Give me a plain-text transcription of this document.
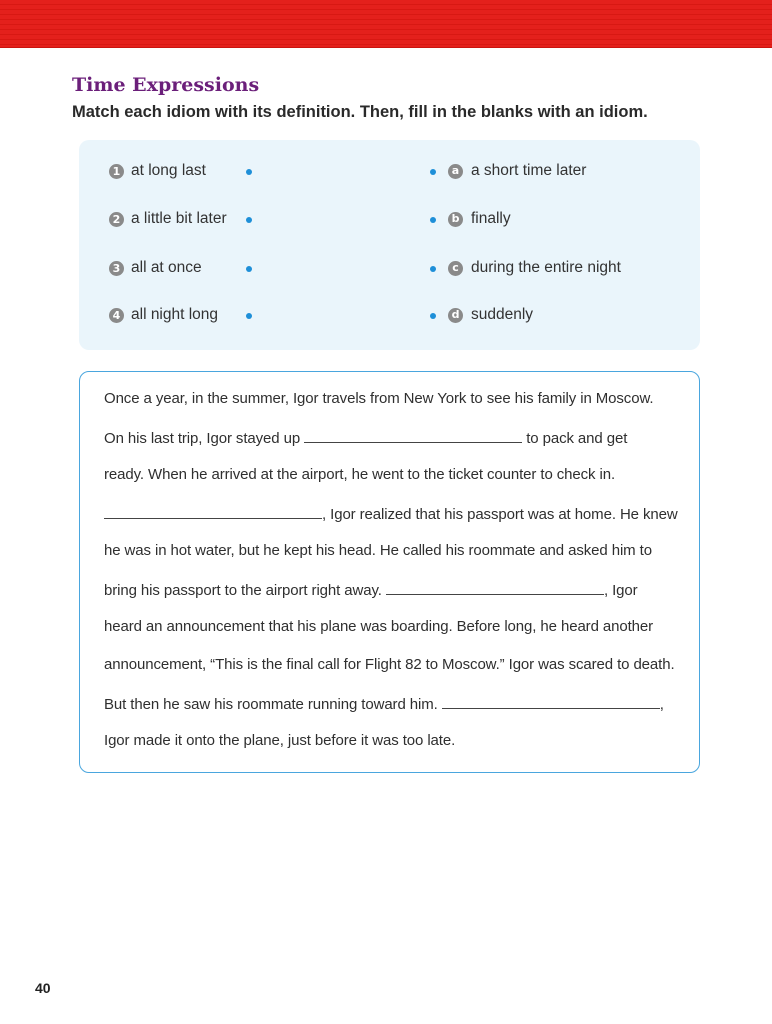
Time Expressions

Match each idiom with its definition. Then, fill in the blanks with an idiom.

1 at long last	a a short time later
2 a little bit later	b finally
3 all at once	c during the entire night
4 all night long	d suddenly
Once a year, in the summer, Igor travels from New York to see his family in Moscow.
On his last trip, Igor stayed up	to pack and get
ready. When he arrived at the airport, he went to the ticket counter to check in.
, Igor realized that his passport was at home. He knew
he was in hot water, but he kept his head. He called his roommate and asked him to
bring his passport to the airport right away.	, Igor
heard an announcement that his plane was boarding. Before long, he heard another
announcement, “This is the final call for Flight 82 to Moscow.” Igor was scared to death.
But then he saw his roommate running toward him.	,
Igor made it onto the plane, just before it was too late.
40
